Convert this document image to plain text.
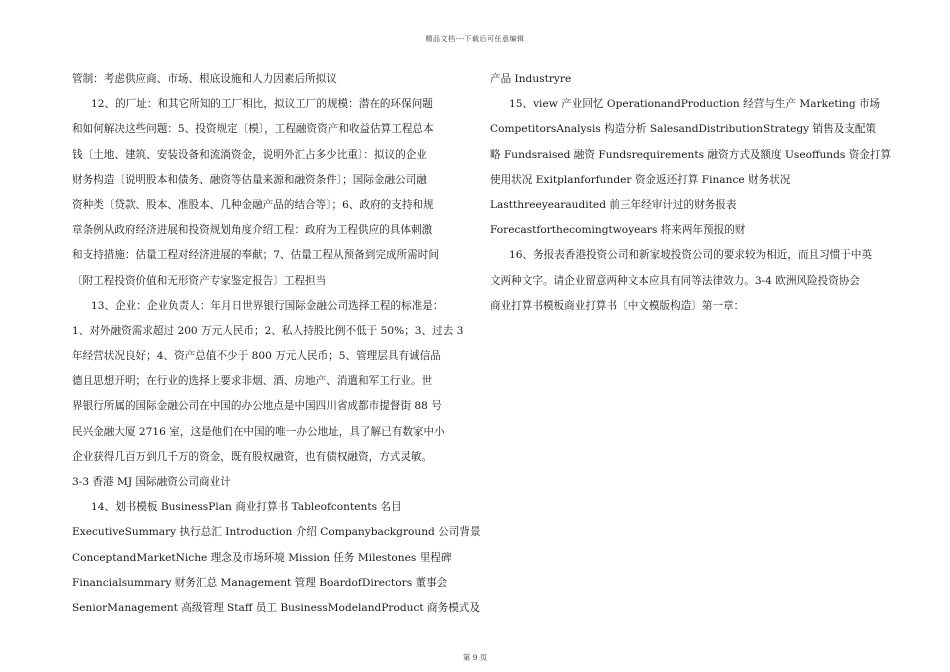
精品文档---下载后可任意编辑
管制：考虑供应商、市场、根底设施和人力因素后所拟议
12、的厂址：和其它所知的工厂相比，拟议工厂的规模：潜在的环保问题
和如何解决这些问题：5、投资规定〔模〕，工程融资资产和收益估算工程总本
钱〔土地、建筑、安装设备和流淌资金，说明外汇占多少比重〕：拟议的企业
财务构造〔说明股本和债务、融资等估量来源和融资条件〕；国际金融公司融
资种类〔贷款、股本、准股本、几种金融产品的结合等〕；6、政府的支持和规
章条例从政府经济进展和投资规划角度介绍工程：政府为工程供应的具体刺激
和支持措施：估量工程对经济进展的奉献；7、估量工程从预备到完成所需时间
〔附工程投资价值和无形资产专家鉴定报告〕工程担当
13、企业：企业负责人：年月日世界银行国际金融公司选择工程的标准是：
1、对外融资需求超过 200 万元人民币；2、私人持股比例不低于 50%；3、过去 3
年经营状况良好；4、资产总值不少于 800 万元人民币；5、管理层具有诚信品
德且思想开明；在行业的选择上要求非烟、酒、房地产、消遣和军工行业。世
界银行所属的国际金融公司在中国的办公地点是中国四川省成都市提督街 88 号
民兴金融大厦 2716 室，这是他们在中国的唯一办公地址，具了解已有数家中小
企业获得几百万到几千万的资金，既有股权融资，也有债权融资，方式灵敏。
3-3 香港 MJ 国际融资公司商业计
14、划书模板 BusinessPlan 商业打算书 Tableofcontents 名目
ExecutiveSummary 执行总汇 Introduction 介绍 Companybackground 公司背景
ConceptandMarketNiche 理念及市场环境 Mission 任务 Milestones 里程碑
Financialsummary 财务汇总 Management 管理 BoardofDirectors 董事会
SeniorManagement 高级管理 Staff 员工 BusinessModelandProduct 商务模式及
产品 Industryre
15、view 产业回忆 OperationandProduction 经营与生产 Marketing 市场
CompetitorsAnalysis 构造分析 SalesandDistributionStrategy 销售及支配策
略 Fundsraised 融资 Fundsrequirements 融资方式及额度 Useoffunds 资金打算
使用状况 Exitplanforfunder 资金返还打算 Finance 财务状况
Lastthreeyearaudited 前三年经审计过的财务报表
Forecastforthecomingtwoyears 将来两年预报的财
16、务报表香港投资公司和新家坡投资公司的要求较为相近，而且习惯于中英
文两种文字。请企业留意两种文本应具有同等法律效力。3-4 欧洲风险投资协会
商业打算书模板商业打算书〔中文模版构造〕第一章：
第 9 页
